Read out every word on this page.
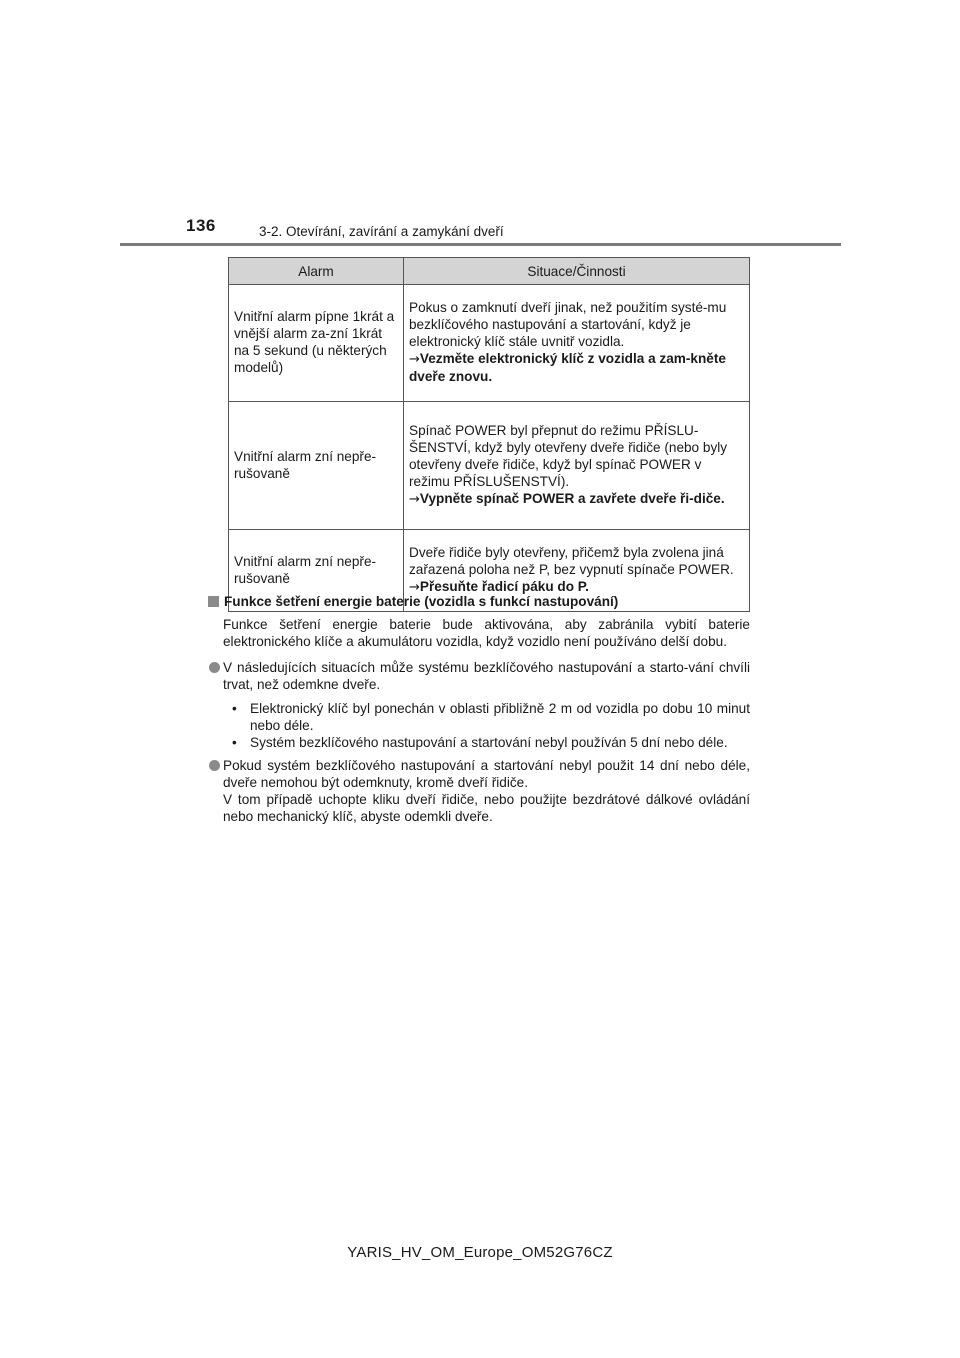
136	3-2. Otevírání, zavírání a zamykání dveří
Alarm	Situace/Činnosti
Vnitřní alarm pípne 1krát a vnější alarm za-zní 1krát na 5 sekund (u některých modelů)	Pokus o zamknutí dveří jinak, než použitím systé-mu bezklíčového nastupování a startování, když je elektronický klíč stále uvnitř vozidla.
→Vezměte elektronický klíč z vozidla a zam-kněte dveře znovu.
Vnitřní alarm zní nepře-rušovaně	Spínač POWER byl přepnut do režimu PŘÍSLU-ŠENSTVÍ, když byly otevřeny dveře řidiče (nebo byly otevřeny dveře řidiče, když byl spínač POWER v režimu PŘÍSLUŠENSTVÍ).
→Vypněte spínač POWER a zavřete dveře ři-diče.
Vnitřní alarm zní nepře-rušovaně	Dveře řidiče byly otevřeny, přičemž byla zvolena jiná zařazená poloha než P, bez vypnutí spínače POWER.
→Přesuňte řadicí páku do P.
Funkce šetření energie baterie (vozidla s funkcí nastupování)

Funkce šetření energie baterie bude aktivována, aby zabránila vybití baterie elektronického klíče a akumulátoru vozidla, když vozidlo není používáno delší dobu.

V následujících situacích může systému bezklíčového nastupování a starto-vání chvíli trvat, než odemkne dveře.
• Elektronický klíč byl ponechán v oblasti přibližně 2 m od vozidla po dobu 10 minut nebo déle.
• Systém bezklíčového nastupování a startování nebyl používán 5 dní nebo déle.
Pokud systém bezklíčového nastupování a startování nebyl použit 14 dní nebo déle, dveře nemohou být odemknuty, kromě dveří řidiče.
V tom případě uchopte kliku dveří řidiče, nebo použijte bezdrátové dálkové ovládání nebo mechanický klíč, abyste odemkli dveře.
YARIS_HV_OM_Europe_OM52G76CZ
